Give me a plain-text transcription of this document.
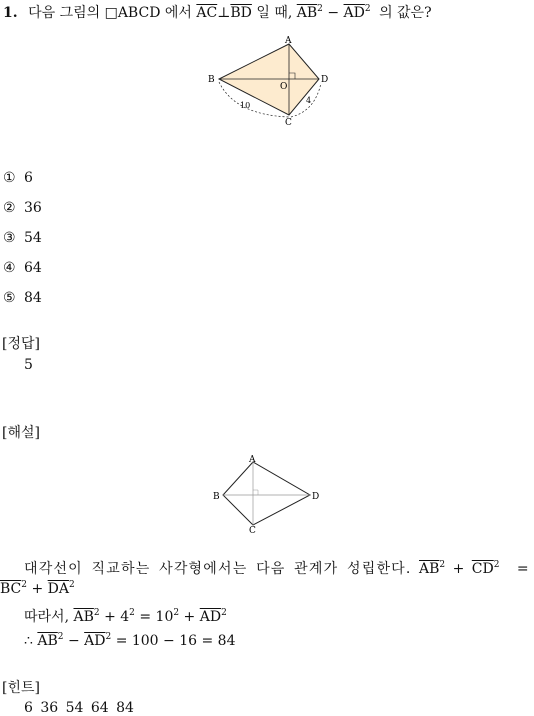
1. 다음 그림의 □ABCD 에서 $\overline{AC}\perp\overline{BD}$ 일 때, $\overline{AB}^2 - \overline{AD}^2$ 의 값은?
A
B
C
D
O
10
4
① 6
② 36
③ 54
④ 64
⑤ 84
[정답]
5
[해설]
A
B
C
D
대각선이 직교하는 사각형에서는 다음 관계가 성립한다. $\overline{AB}^2 + \overline{CD}^2$ =
$\overline{BC}^2 + \overline{DA}^2$
따라서, $\overline{AB}^2 + 4^2 = 10^2 + \overline{AD}^2$
∴ $\overline{AB}^2 - \overline{AD}^2 = 100 - 16 = 84$
[힌트]
6 36 54 64 84
